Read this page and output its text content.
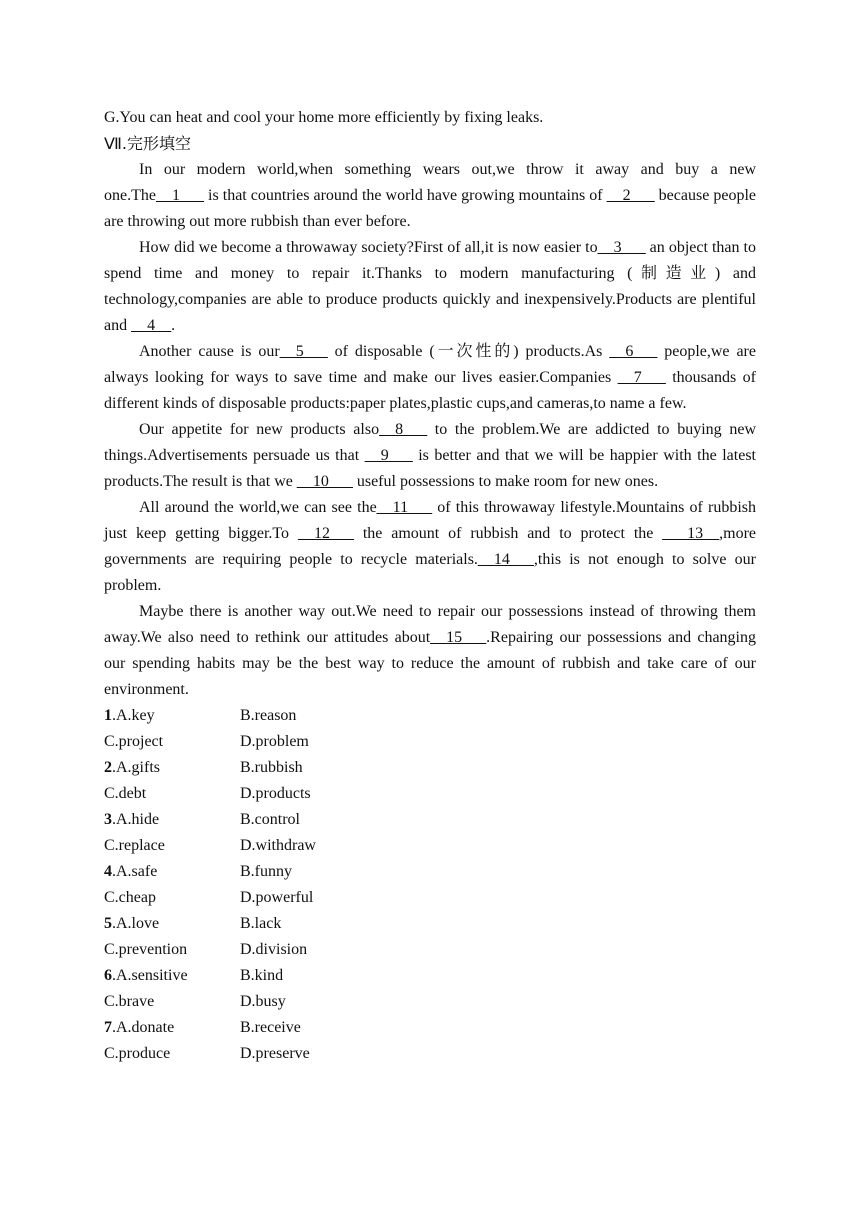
G.You can heat and cool your home more efficiently by fixing leaks.
Ⅶ.完形填空

In our modern world,when something wears out,we throw it away and buy a new one.The__1___ is that countries around the world have growing mountains of __2___ because people are throwing out more rubbish than ever before.

How did we become a throwaway society?First of all,it is now easier to__3___ an object than to spend time and money to repair it.Thanks to modern manufacturing (制造业) and technology,companies are able to produce products quickly and inexpensively.Products are plentiful and __4__.

Another cause is our__5___ of disposable (一次性的) products.As __6___ people,we are always looking for ways to save time and make our lives easier.Companies __7___ thousands of different kinds of disposable products:paper plates,plastic cups,and cameras,to name a few.

Our appetite for new products also__8___ to the problem.We are addicted to buying new things.Advertisements persuade us that __9___ is better and that we will be happier with the latest products.The result is that we __10___ useful possessions to make room for new ones.

All around the world,we can see the__11___ of this throwaway lifestyle.Mountains of rubbish just keep getting bigger.To __12___ the amount of rubbish and to protect the __ 13__,more governments are requiring people to recycle materials.__14___,this is not enough to solve our problem.

Maybe there is another way out.We need to repair our possessions instead of throwing them away.We also need to rethink our attitudes about__15___.Repairing our possessions and changing our spending habits may be the best way to reduce the amount of rubbish and take care of our environment.

1.A.key	B.reason
C.project	D.problem
2.A.gifts	B.rubbish
C.debt	D.products
3.A.hide	B.control
C.replace	D.withdraw
4.A.safe	B.funny
C.cheap	D.powerful
5.A.love	B.lack
C.prevention	D.division
6.A.sensitive	B.kind
C.brave	D.busy
7.A.donate	B.receive
C.produce	D.preserve
